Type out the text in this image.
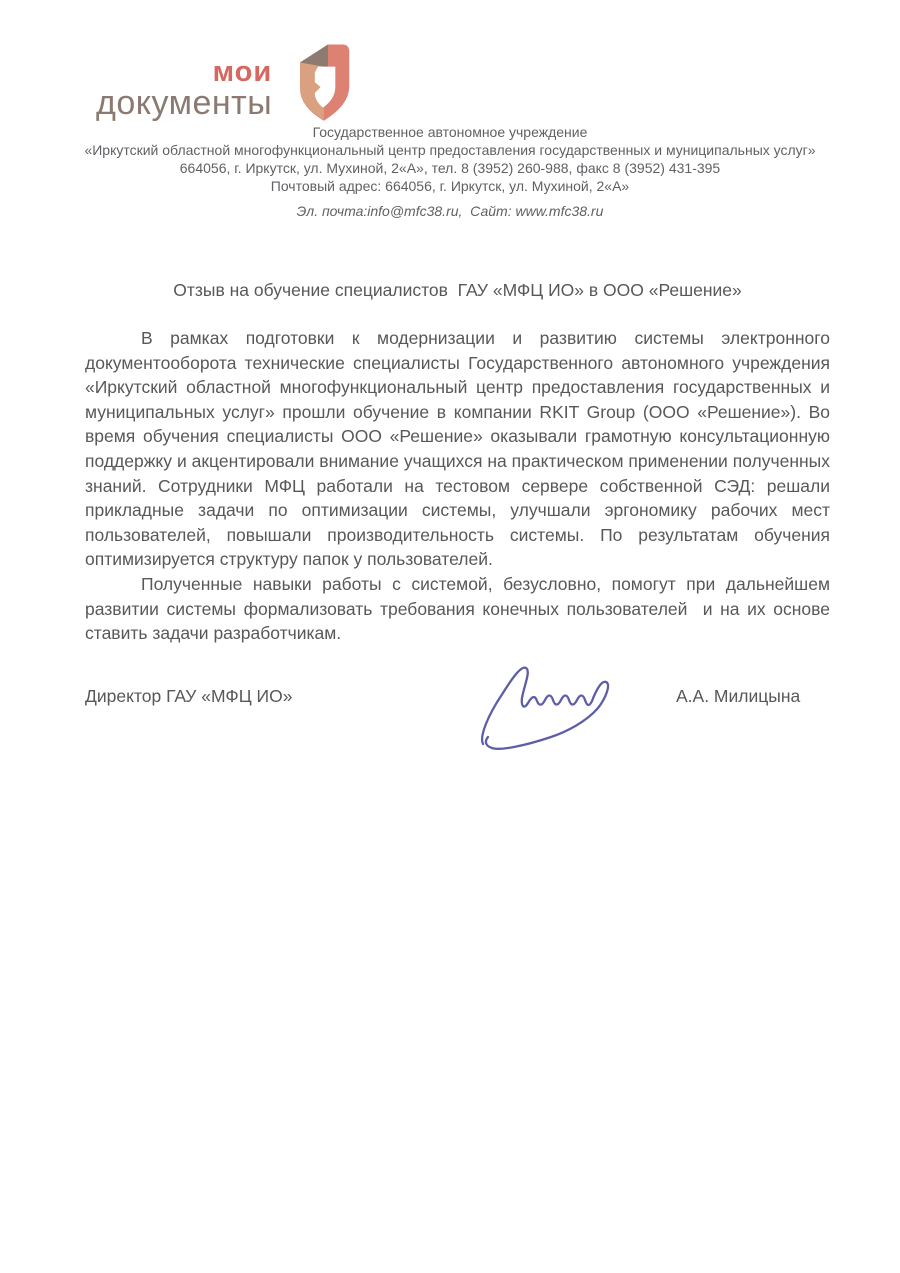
мои
документы
Государственное автономное учреждение
«Иркутский областной многофункциональный центр предоставления государственных и муниципальных услуг»
664056, г. Иркутск, ул. Мухиной, 2«А», тел. 8 (3952) 260-988, факс 8 (3952) 431-395
Почтовый адрес: 664056, г. Иркутск, ул. Мухиной, 2«А»
Эл. почта:info@mfc38.ru,  Сайт: www.mfc38.ru
Отзыв на обучение специалистов  ГАУ «МФЦ ИО» в ООО «Решение»

В рамках подготовки к модернизации и развитию системы электронного документооборота технические специалисты Государственного автономного учреждения «Иркутский областной многофункциональный центр предоставления государственных и муниципальных услуг» прошли обучение в компании RKIT Group (ООО «Решение»). Во время обучения специалисты ООО «Решение» оказывали грамотную консультационную поддержку и акцентировали внимание учащихся на практическом применении полученных знаний. Сотрудники МФЦ работали на тестовом сервере собственной СЭД: решали прикладные задачи по оптимизации системы, улучшали эргономику рабочих мест пользователей, повышали производительность системы. По результатам обучения оптимизируется структуру папок у пользователей.

Полученные навыки работы с системой, безусловно, помогут при дальнейшем развитии системы формализовать требования конечных пользователей  и на их основе ставить задачи разработчикам.

Директор ГАУ «МФЦ ИО»	А.А. Милицына
